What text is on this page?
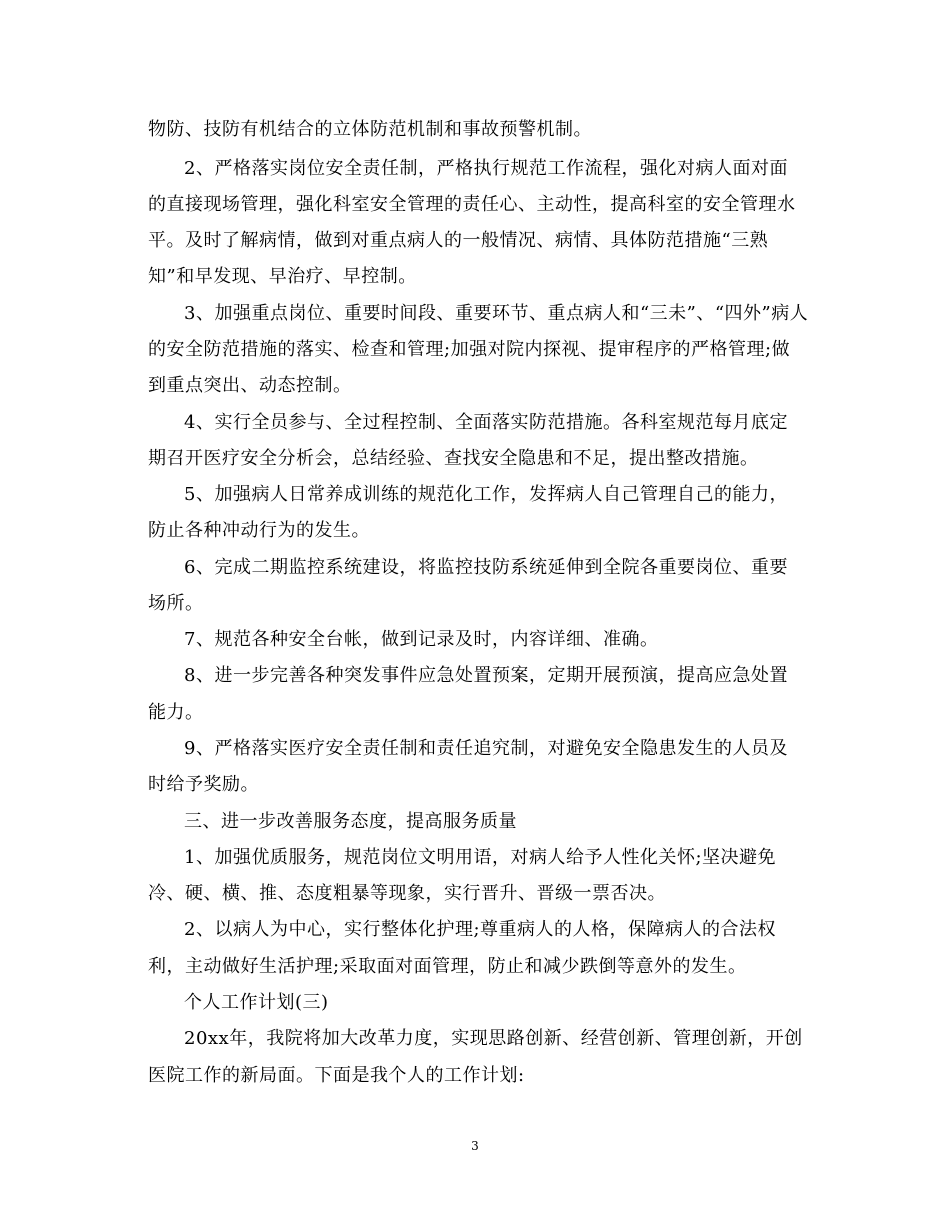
物防、技防有机结合的立体防范机制和事故预警机制。
2、严格落实岗位安全责任制，严格执行规范工作流程，强化对病人面对面
的直接现场管理，强化科室安全管理的责任心、主动性，提高科室的安全管理水
平。及时了解病情，做到对重点病人的一般情况、病情、具体防范措施“三熟
知”和早发现、早治疗、早控制。
3、加强重点岗位、重要时间段、重要环节、重点病人和“三未”、“四外”病人
的安全防范措施的落实、检查和管理;加强对院内探视、提审程序的严格管理;做
到重点突出、动态控制。
4、实行全员参与、全过程控制、全面落实防范措施。各科室规范每月底定
期召开医疗安全分析会，总结经验、查找安全隐患和不足，提出整改措施。
5、加强病人日常养成训练的规范化工作，发挥病人自己管理自己的能力，
防止各种冲动行为的发生。
6、完成二期监控系统建设，将监控技防系统延伸到全院各重要岗位、重要
场所。
7、规范各种安全台帐，做到记录及时，内容详细、准确。
8、进一步完善各种突发事件应急处置预案，定期开展预演，提高应急处置
能力。
9、严格落实医疗安全责任制和责任追究制，对避免安全隐患发生的人员及
时给予奖励。
三、进一步改善服务态度，提高服务质量
1、加强优质服务，规范岗位文明用语，对病人给予人性化关怀;坚决避免
冷、硬、横、推、态度粗暴等现象，实行晋升、晋级一票否决。
2、以病人为中心，实行整体化护理;尊重病人的人格，保障病人的合法权
利，主动做好生活护理;采取面对面管理，防止和减少跌倒等意外的发生。
个人工作计划(三)
20xx年，我院将加大改革力度，实现思路创新、经营创新、管理创新，开创
医院工作的新局面。下面是我个人的工作计划:
3
